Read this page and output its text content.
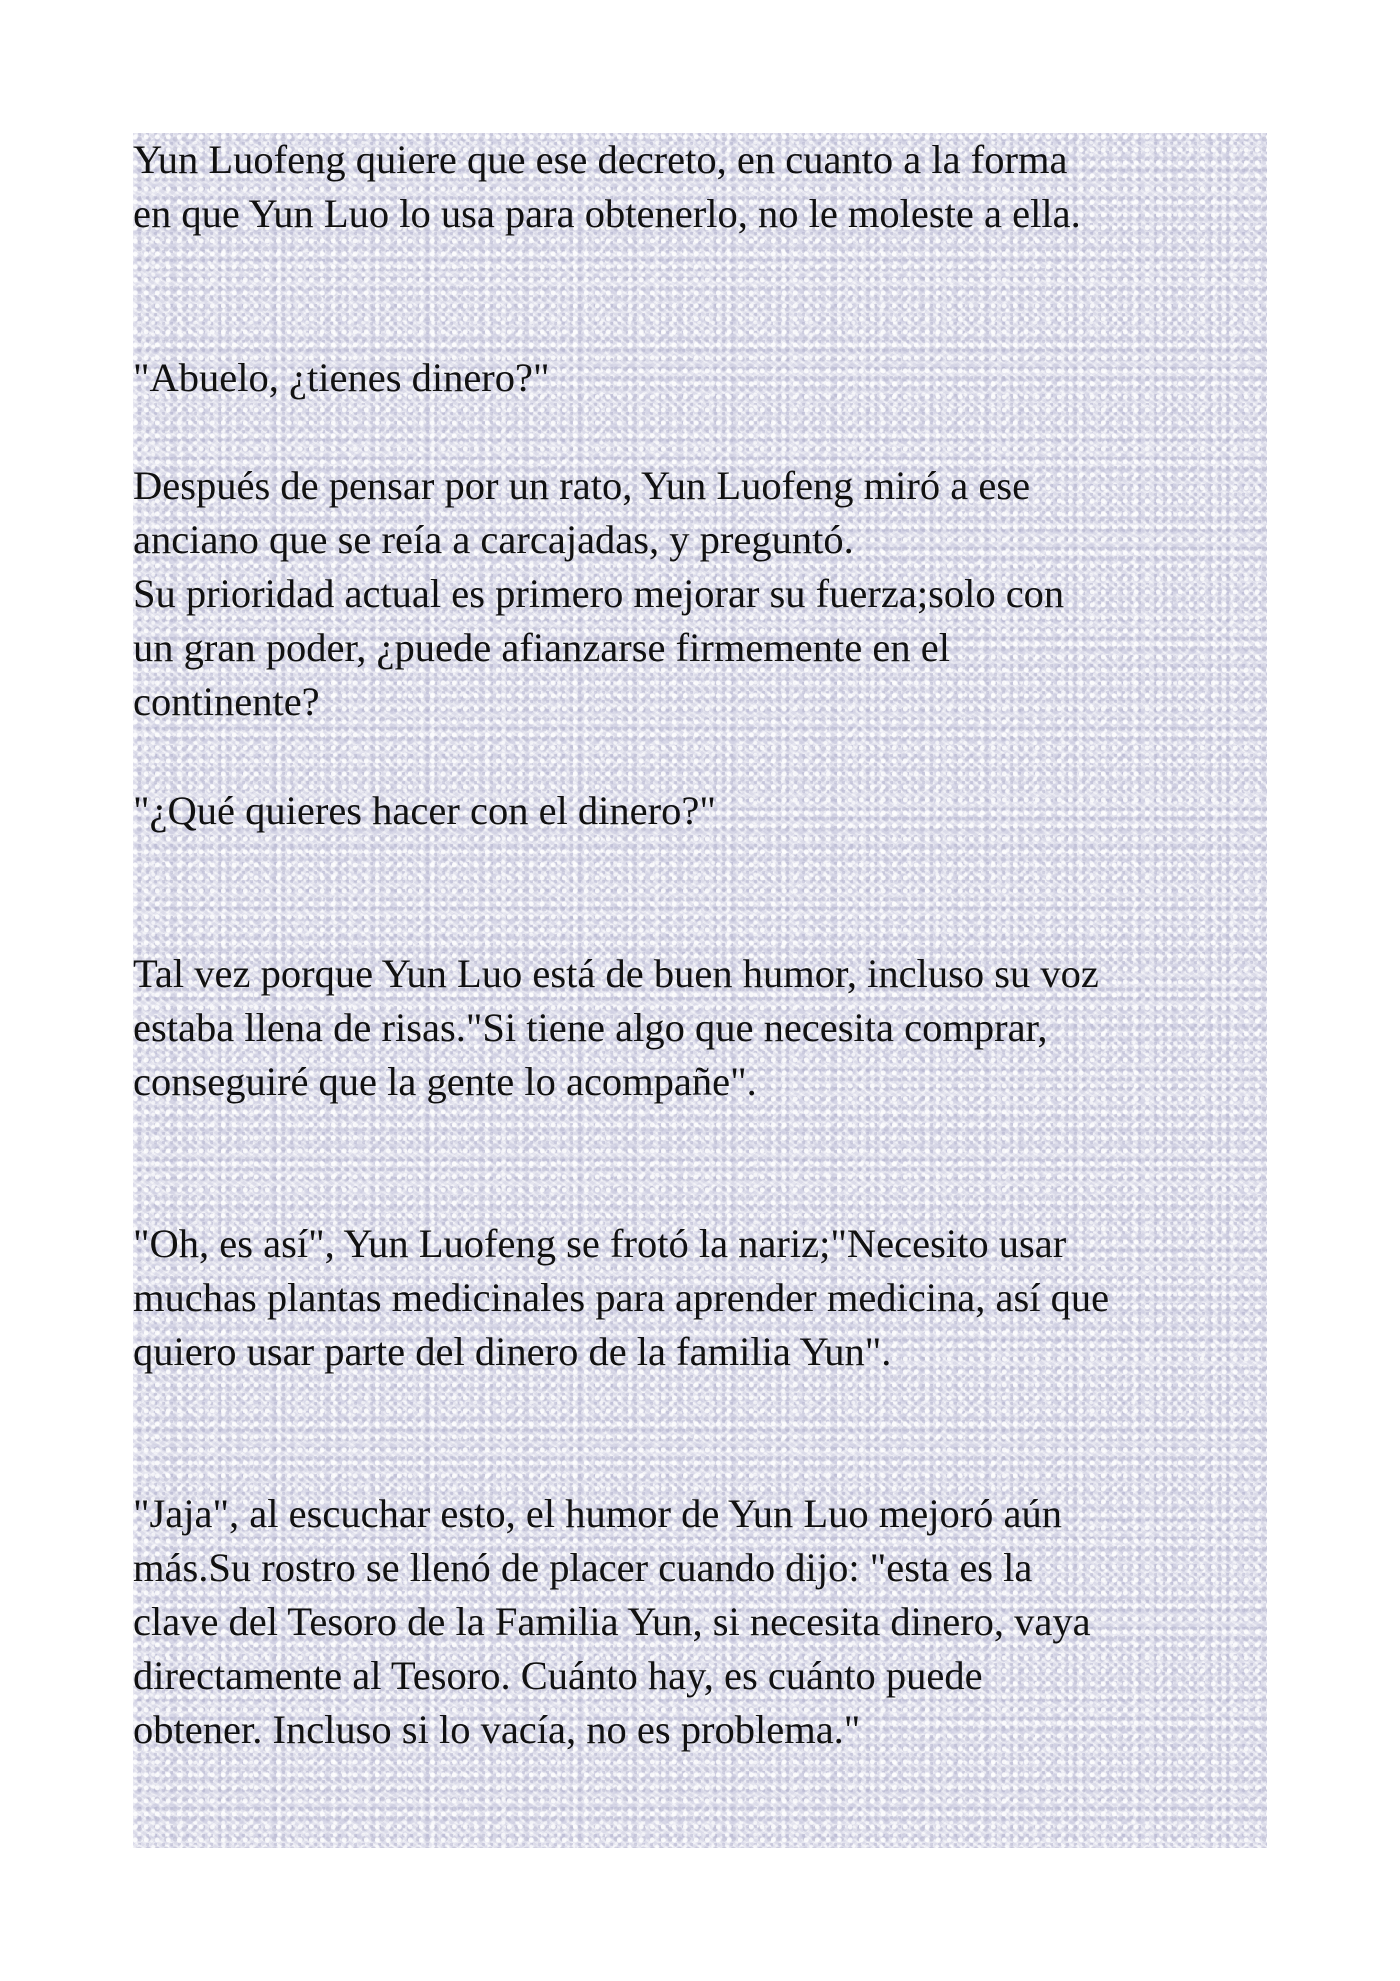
Yun Luofeng quiere que ese decreto, en cuanto a la forma
en que Yun Luo lo usa para obtenerlo, no le moleste a ella.

"Abuelo, ¿tienes dinero?"

Después de pensar por un rato, Yun Luofeng miró a ese
anciano que se reía a carcajadas, y preguntó.
Su prioridad actual es primero mejorar su fuerza;solo con
un gran poder, ¿puede afianzarse firmemente en el
continente?

"¿Qué quieres hacer con el dinero?"

Tal vez porque Yun Luo está de buen humor, incluso su voz
estaba llena de risas."Si tiene algo que necesita comprar,
conseguiré que la gente lo acompañe".

"Oh, es así", Yun Luofeng se frotó la nariz;"Necesito usar
muchas plantas medicinales para aprender medicina, así que
quiero usar parte del dinero de la familia Yun".

"Jaja", al escuchar esto, el humor de Yun Luo mejoró aún
más.Su rostro se llenó de placer cuando dijo: "esta es la
clave del Tesoro de la Familia Yun, si necesita dinero, vaya
directamente al Tesoro. Cuánto hay, es cuánto puede
obtener. Incluso si lo vacía, no es problema."
